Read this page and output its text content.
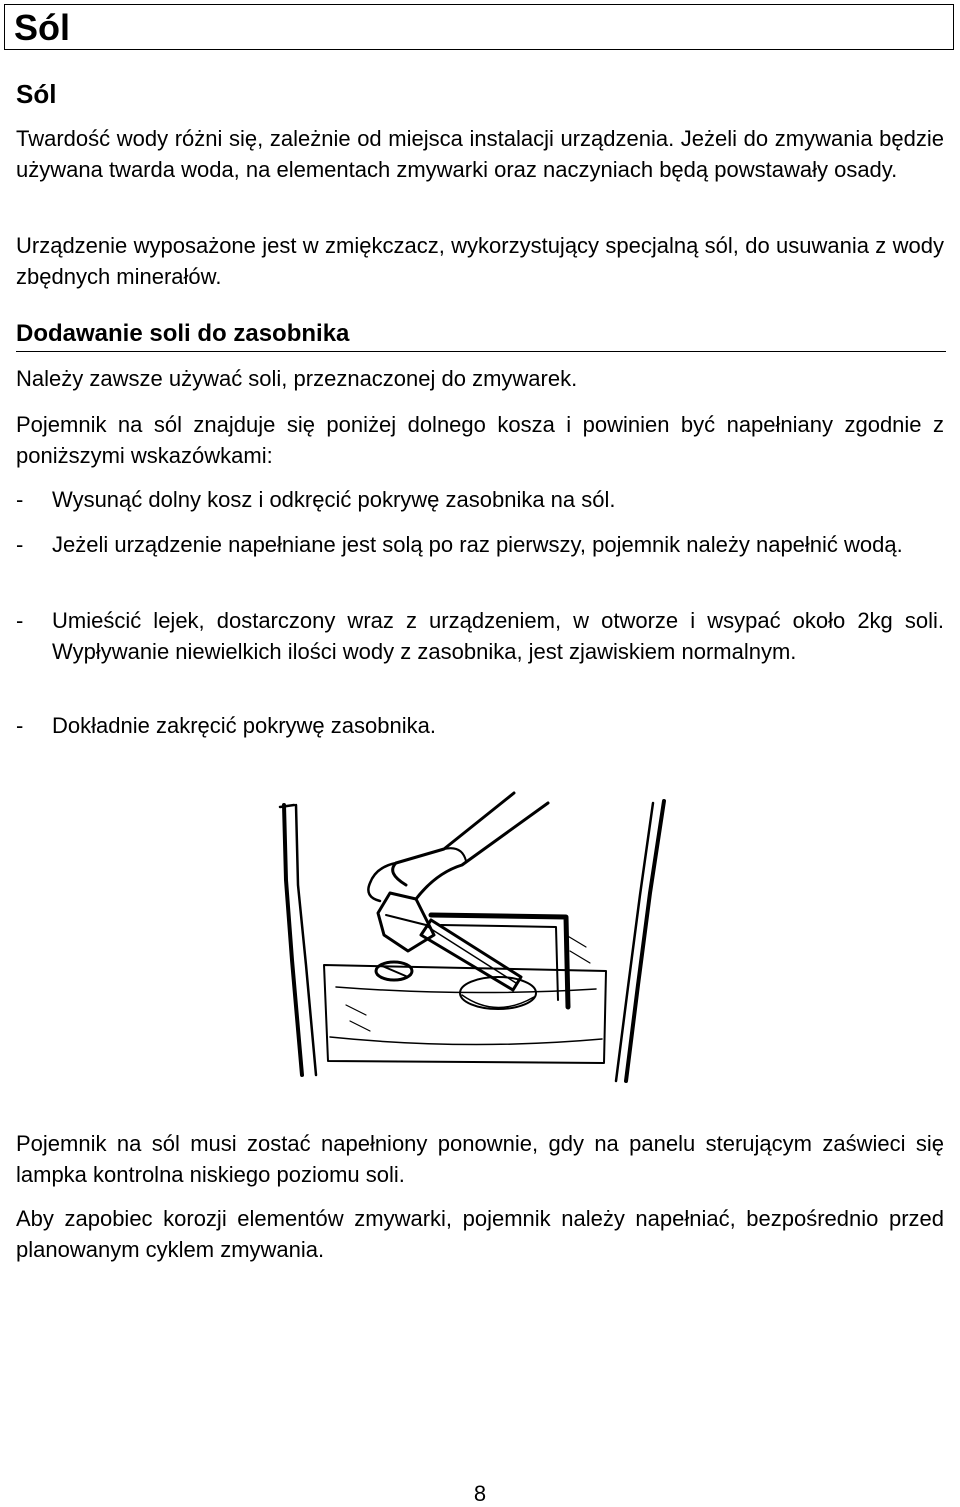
Sól
Sól

Twardość wody różni się, zależnie od miejsca instalacji urządzenia. Jeżeli do zmywania będzie używana twarda woda, na elementach zmywarki oraz naczyniach będą powstawały osady.

Urządzenie wyposażone jest w zmiękczacz, wykorzystujący specjalną sól, do usuwania z wody zbędnych minerałów.

Dodawanie soli do zasobnika

Należy zawsze używać soli, przeznaczonej do zmywarek.

Pojemnik na sól znajduje się poniżej dolnego kosza i powinien być napełniany zgodnie z poniższymi wskazówkami:

- Wysunąć dolny kosz i odkręcić pokrywę zasobnika na sól.
- Jeżeli urządzenie napełniane jest solą po raz pierwszy, pojemnik należy napełnić wodą.
- Umieścić lejek, dostarczony wraz z urządzeniem, w otworze i wsypać około 2kg soli. Wypływanie niewielkich ilości wody z zasobnika, jest zjawiskiem normalnym.
- Dokładnie zakręcić pokrywę zasobnika.

Pojemnik na sól musi zostać napełniony ponownie, gdy na panelu sterującym zaświeci się lampka kontrolna niskiego poziomu soli.

Aby zapobiec korozji elementów zmywarki, pojemnik należy napełniać, bezpośrednio przed planowanym cyklem zmywania.

8
